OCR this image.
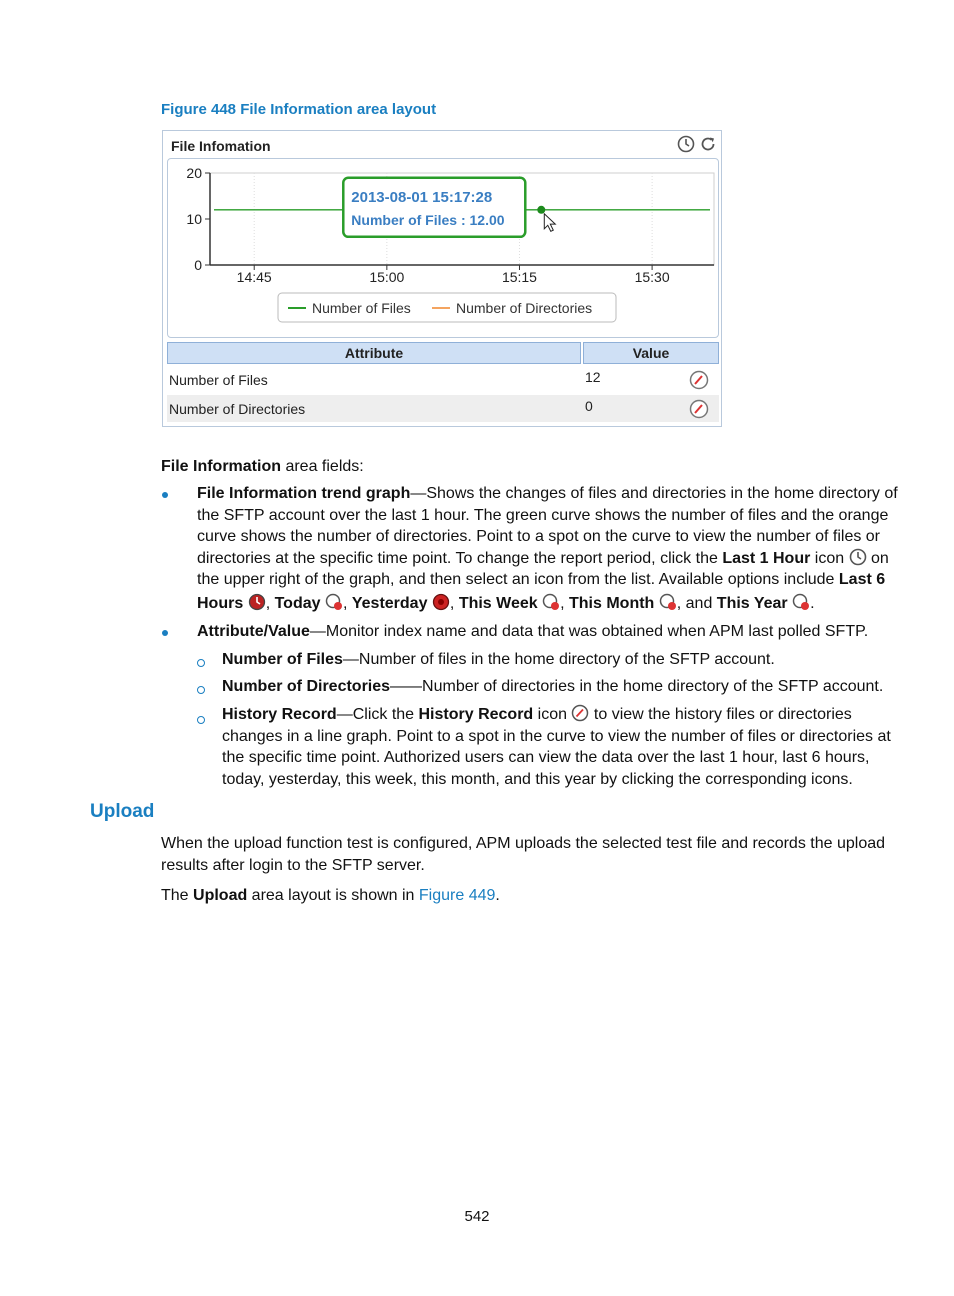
Figure 448 File Information area layout
File Infomation
20
10
0
14:45	15:00	15:15	15:30
2013-08-01 15:17:28
Number of Files : 12.00
Number of Files	Number of Directories
Attribute	Value
Number of Files	12
Number of Directories	0
File Information area fields:
File Information trend graph—Shows the changes of files and directories in the home directory of
the SFTP account over the last 1 hour. The green curve shows the number of files and the orange
curve shows the number of directories. Point to a spot on the curve to view the number of files or
directories at the specific time point. To change the report period, click the Last 1 Hour icon  on
the upper right of the graph, and then select an icon from the list. Available options include Last 6
Hours , Today , Yesterday , This Week , This Month , and This Year .
Attribute/Value—Monitor index name and data that was obtained when APM last polled SFTP.
Number of Files—Number of files in the home directory of the SFTP account.
Number of Directories——Number of directories in the home directory of the SFTP account.
History Record—Click the History Record icon  to view the history files or directories
changes in a line graph. Point to a spot in the curve to view the number of files or directories at
the specific time point. Authorized users can view the data over the last 1 hour, last 6 hours,
today, yesterday, this week, this month, and this year by clicking the corresponding icons.
Upload
When the upload function test is configured, APM uploads the selected test file and records the upload
results after login to the SFTP server.
The Upload area layout is shown in Figure 449.
542
